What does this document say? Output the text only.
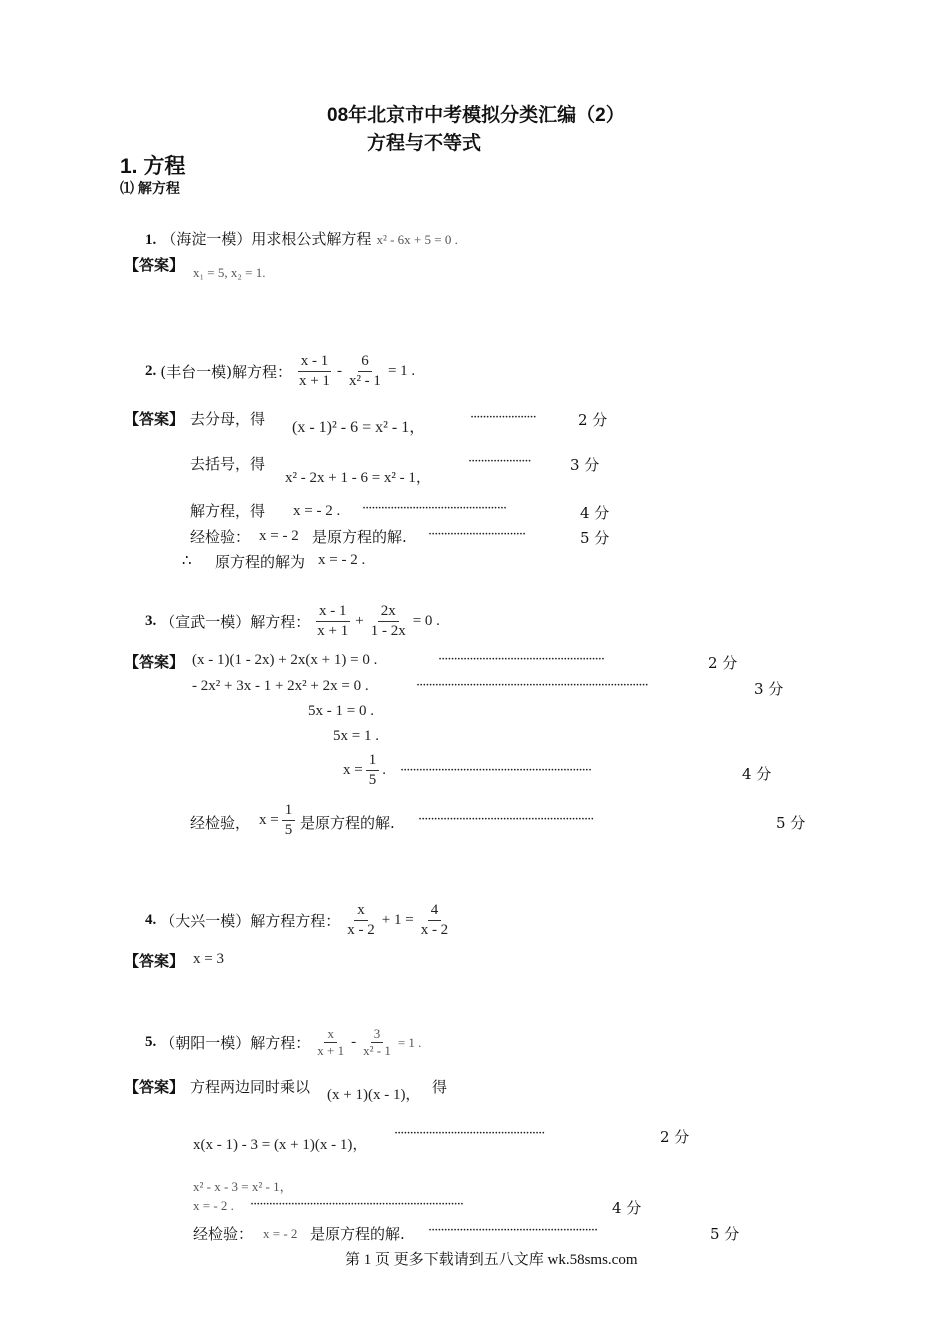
08年北京市中考模拟分类汇编（2）
方程与不等式
1. 方程
⑴ 解方程
1. （海淀一模）用求根公式解方程 x² - 6x + 5 = 0 .
【答案】 x₁ = 5, x₂ = 1.
2. (丰台一模)解方程： $\frac{x - 1}{x + 1} - \frac{6}{\text{x² - 1}} = 1$ .
【答案】 去分母，得 (x - 1)² - 6 = x² - 1，
·····················	2 分
去括号，得
x² - 2x + 1 - 6 = x² - 1，
····················	3 分
解方程，得 x = - 2 . ··············································	4 分
经检验： x = - 2 是原方程的解. ·······························	5 分
∴ 原方程的解为 x = - 2 .
3. （宣武一模）解方程： $\frac{x - 1}{x + 1} + \frac{2x}{1 - 2x} = 0$ .
【答案】 (x - 1)(1 - 2x) + 2x(x + 1) = 0 .	·····················································	2 分
- 2x² + 3x - 1 + 2x² + 2x = 0 .	··········································································	3 分
5x - 1 = 0 .
5x = 1 .
$x = \frac{1}{5}$ . ·····························································	4 分
经检验， $x = \frac{1}{5}$ 是原方程的解. ························································	5 分
4. （大兴一模）解方程方程： $\frac{x}{x - 2} + 1 = \frac{4}{x - 2}$
【答案】 x = 3
5. （朝阳一模）解方程： $\frac{x}{x + 1} - \frac{3}{\text{x² - 1}} = 1$ .
【答案】 方程两边同时乘以 (x + 1)(x - 1)， 得
x(x - 1) - 3 = (x + 1)(x - 1)，
················································	2 分
x² - x - 3 = x² - 1，
x = - 2 . ····································································	4 分
经检验： x = - 2 是原方程的解. ······················································	5 分
第 1 页 更多下载请到五八文库 wk.58sms.com
